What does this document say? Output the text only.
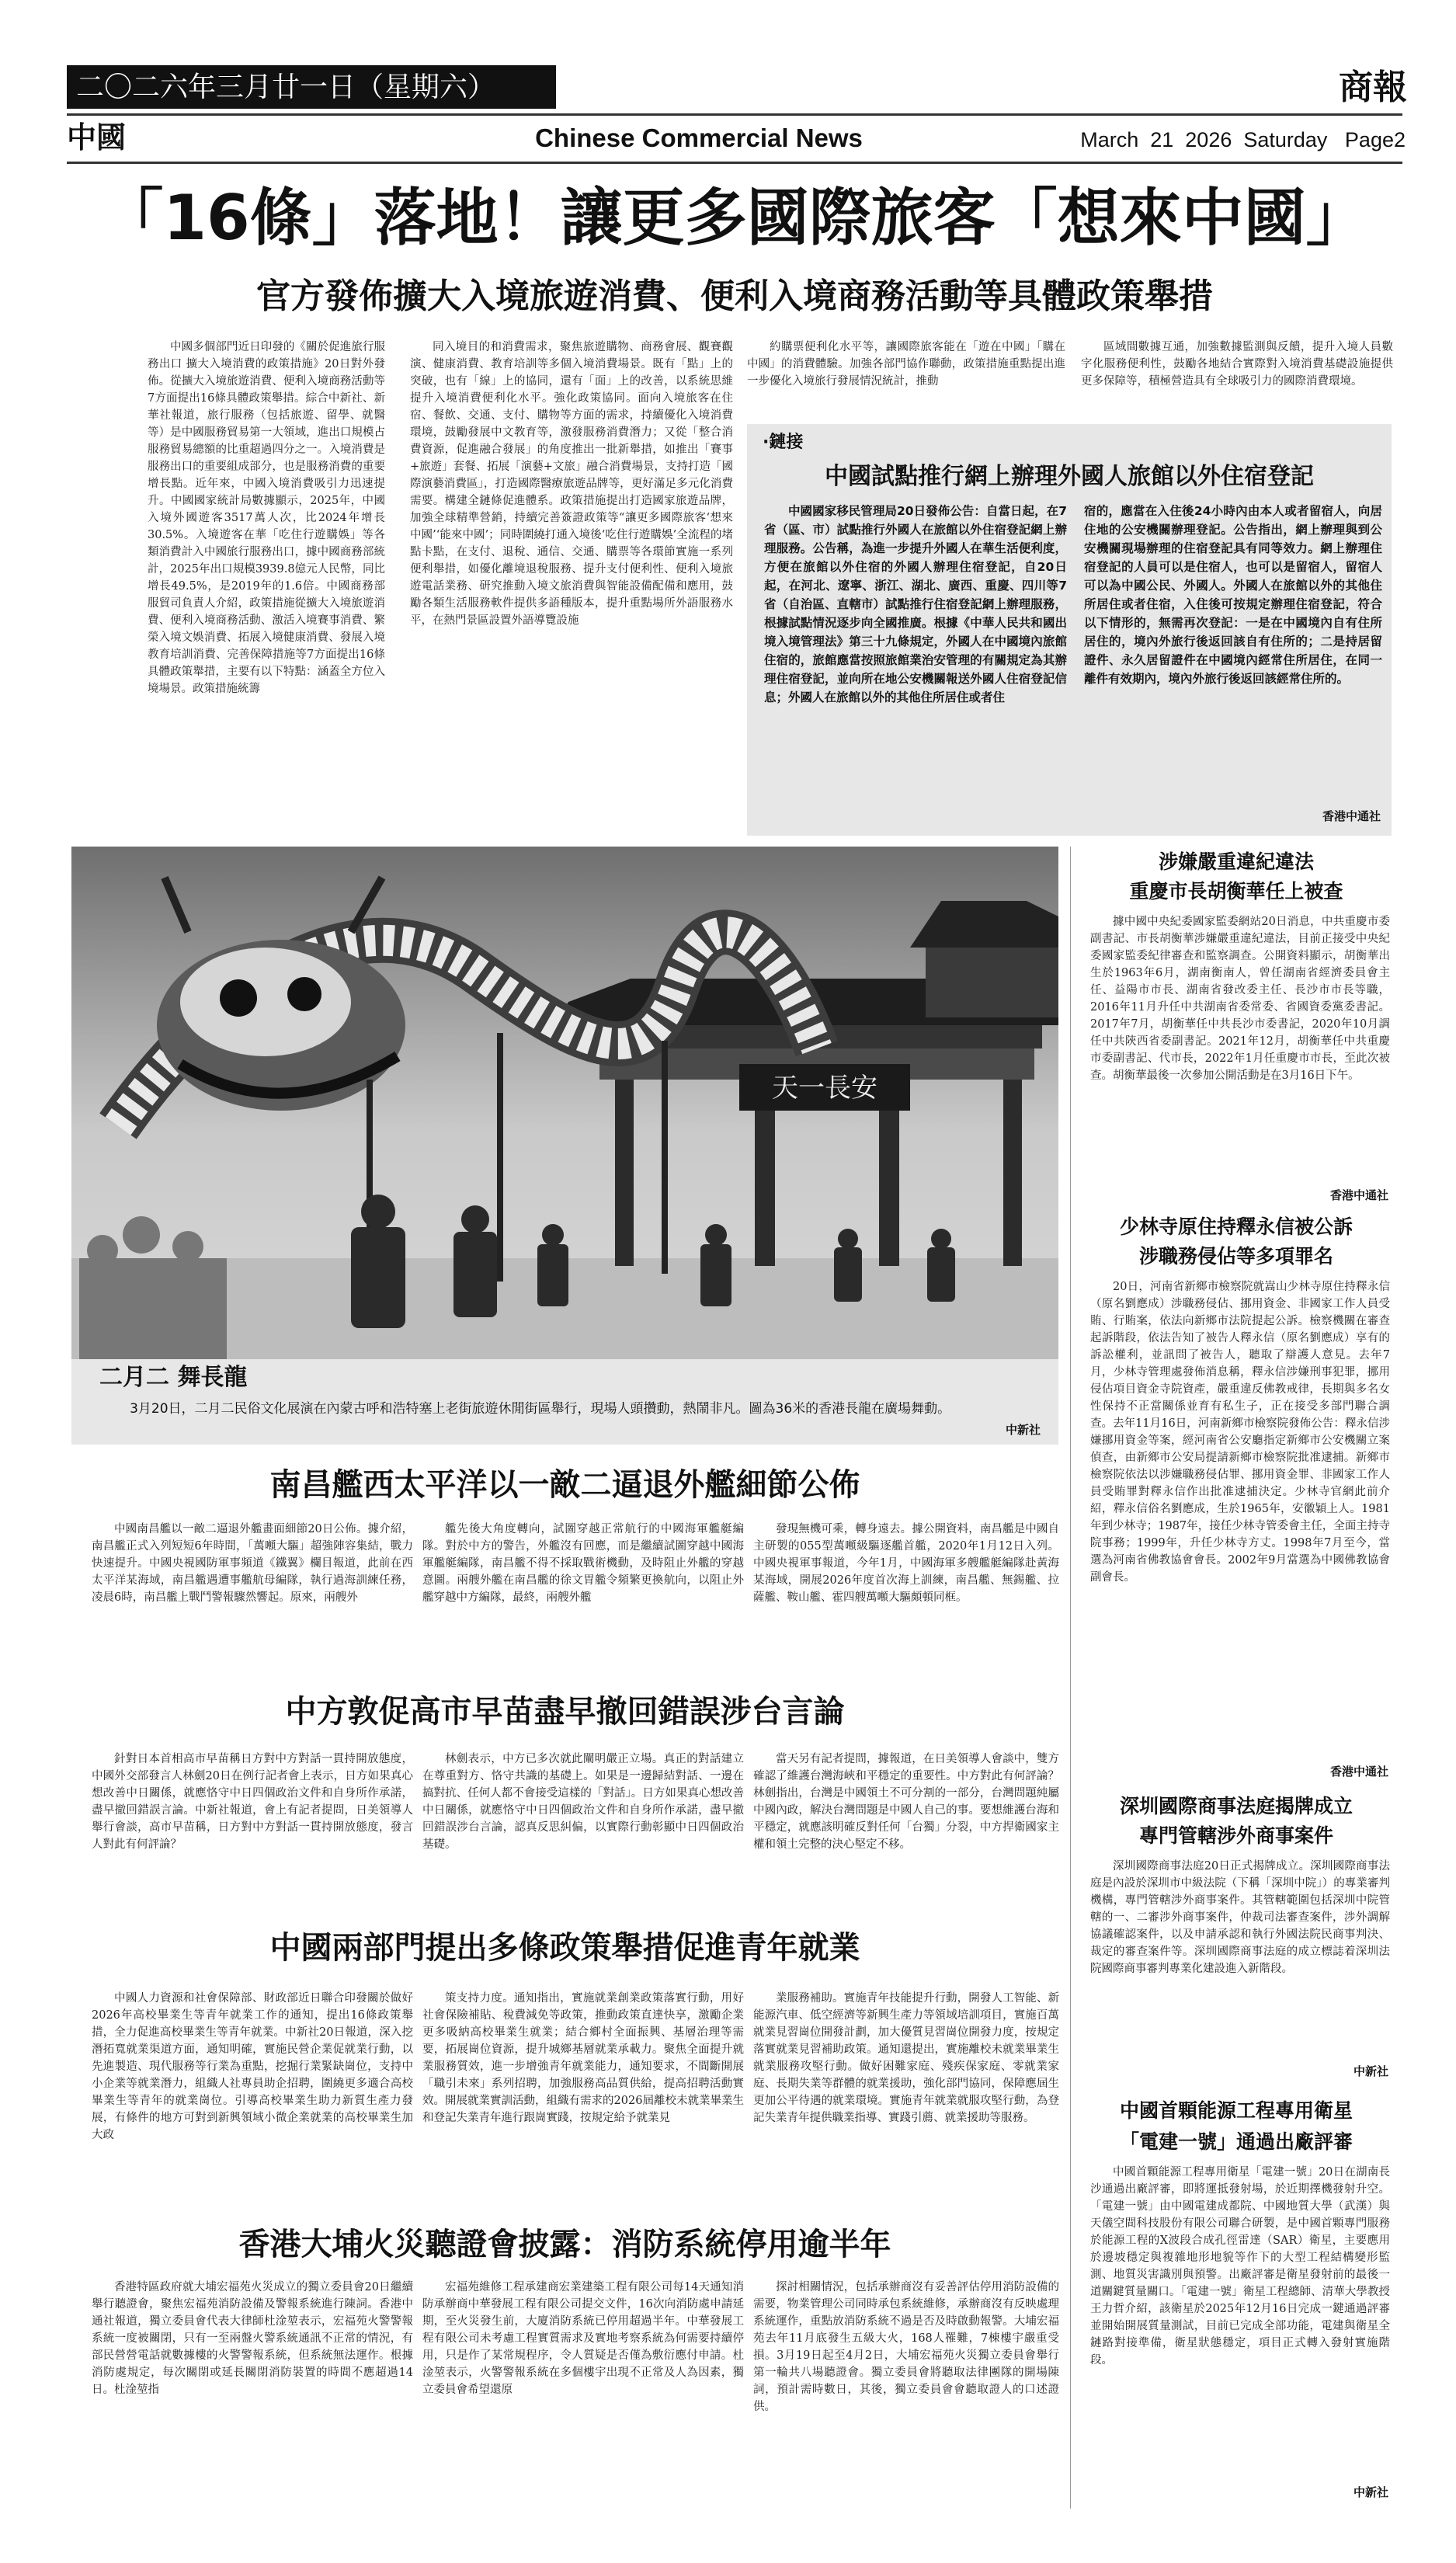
二〇二六年三月廿一日（星期六）	商報
中國	Chinese Commercial News	March  21  2026  Saturday   Page2
「16條」落地！讓更多國際旅客「想來中國」
官方發佈擴大入境旅遊消費、便利入境商務活動等具體政策舉措
中國多個部門近日印發的《關於促進旅行服務出口 擴大入境消費的政策措施》20日對外發佈。從擴大入境旅遊消費、便利入境商務活動等7方面提出16條具體政策舉措。綜合中新社、新華社報道，旅行服務（包括旅遊、留學、就醫等）是中國服務貿易第一大領域，進出口規模占服務貿易總額的比重超過四分之一。入境消費是服務出口的重要組成部分，也是服務消費的重要增長點。近年來，中國入境消費吸引力迅速提升。中國國家統計局數據顯示，2025年，中國入境外國遊客3517萬人次，比2024年增長30.5%。入境遊客在華「吃住行遊購娛」等各類消費計入中國旅行服務出口，據中國商務部統計，2025年出口規模3939.8億元人民幣，同比增長49.5%，是2019年的1.6倍。中國商務部服貿司負責人介紹，政策措施從擴大入境旅遊消費、便利入境商務活動、激活入境賽事消費、繁榮入境文娛消費、拓展入境健康消費、發展入境教育培訓消費、完善保障措施等7方面提出16條具體政策舉措，主要有以下特點：涵蓋全方位入境場景。政策措施統籌
同入境目的和消費需求，聚焦旅遊購物、商務會展、觀賽觀演、健康消費、教育培訓等多個入境消費場景。既有「點」上的突破，也有「線」上的協同，還有「面」上的改善，以系統思維提升入境消費便利化水平。強化政策協同。面向入境旅客在住宿、餐飲、交通、支付、購物等方面的需求，持續優化入境消費環境，鼓勵發展中文教育等，激發服務消費潛力；又從「整合消費資源，促進融合發展」的角度推出一批新舉措，如推出「賽事+旅遊」套餐、拓展「演藝+文旅」融合消費場景，支持打造「國際演藝消費區」，打造國際醫療旅遊品牌等，更好滿足多元化消費需要。構建全鏈條促進體系。政策措施提出打造國家旅遊品牌，加強全球精準營銷，持續完善簽證政策等“讓更多國際旅客‘想來中國’‘能來中國’；同時圍繞打通入境後‘吃住行遊購娛’全流程的堵點卡點，在支付、退稅、通信、交通、購票等各環節實施一系列便利舉措，如優化離境退稅服務、提升支付便利性、便利入境旅遊電話業務、研究推動入境文旅消費與智能設備配備和應用，鼓勵各類生活服務軟件提供多語種版本，提升重點場所外語服務水平，在熱門景區設置外語導覽設施
約購票便利化水平等，讓國際旅客能在「遊在中國」「購在中國」的消費體驗。加強各部門協作聯動，政策措施重點提出進一步優化入境旅行發展情況統計，推動
區域間數據互通，加強數據監測與反饋，提升入境人員數字化服務便利性，鼓勵各地結合實際對入境消費基礎設施提供更多保障等，積極營造具有全球吸引力的國際消費環境。
·鏈接
中國試點推行網上辦理外國人旅館以外住宿登記
中國國家移民管理局20日發佈公告：自當日起，在7省（區、市）試點推行外國人在旅館以外住宿登記網上辦理服務。公告稱，為進一步提升外國人在華生活便利度，方便在旅館以外住宿的外國人辦理住宿登記，自20日起，在河北、遼寧、浙江、湖北、廣西、重慶、四川等7省（自治區、直轄市）試點推行住宿登記網上辦理服務，根據試點情況逐步向全國推廣。根據《中華人民共和國出境入境管理法》第三十九條規定，外國人在中國境內旅館住宿的，旅館應當按照旅館業治安管理的有關規定為其辦理住宿登記，並向所在地公安機關報送外國人住宿登記信息；外國人在旅館以外的其他住所居住或者住
宿的，應當在入住後24小時內由本人或者留宿人，向居住地的公安機關辦理登記。公告指出，網上辦理與到公安機關現場辦理的住宿登記具有同等效力。網上辦理住宿登記的人員可以是住宿人，也可以是留宿人，留宿人可以為中國公民、外國人。外國人在旅館以外的其他住所居住或者住宿，入住後可按規定辦理住宿登記，符合以下情形的，無需再次登記：一是在中國境內自有住所居住的，境內外旅行後返回該自有住所的；二是持居留證件、永久居留證件在中國境內經常住所居住，在同一離件有效期內，境內外旅行後返回該經常住所的。
香港中通社
天一長安
二月二 舞長龍
3月20日，二月二民俗文化展演在內蒙古呼和浩特塞上老街旅遊休閒街區舉行，現場人頭攢動，熱鬧非凡。圖為36米的香港長龍在廣場舞動。
中新社
南昌艦西太平洋以一敵二逼退外艦細節公佈
中國南昌艦以一敵二逼退外艦畫面細節20日公佈。據介紹，南昌艦正式入列短短6年時間，「萬噸大驅」超強陣容集結，戰力快速提升。中國央視國防軍事頻道《鐵翼》欄目報道，此前在西太平洋某海域，南昌艦遇遭事艦航母編隊，執行過海訓練任務，凌晨6時，南昌艦上戰鬥警報驟然響起。原來，兩艘外
艦先後大角度轉向，試圖穿越正常航行的中國海軍艦艇編隊。對於中方的警告，外艦沒有回應，而是繼續試圖穿越中國海軍艦艇編隊，南昌艦不得不採取戰術機動，及時阻止外艦的穿越意圖。兩艘外艦在南昌艦的徐文胃艦令頻繁更換航向，以阻止外艦穿越中方編隊，最終，兩艘外艦
發現無機可乘，轉身遠去。據公開資料，南昌艦是中國自主研製的055型萬噸級驅逐艦首艦，2020年1月12日入列。中國央視軍事報道，今年1月，中國海軍多艘艦艇編隊赴黃海某海域，開展2026年度首次海上訓練，南昌艦、無錫艦、拉薩艦、鞍山艦、霍四艘萬噸大驅頗頓同框。
中方敦促高市早苗盡早撤回錯誤涉台言論
針對日本首相高市早苗稱日方對中方對話一貫持開放態度，中國外交部發言人林劍20日在例行記者會上表示，日方如果真心想改善中日關係，就應恪守中日四個政治文件和自身所作承諾，盡早撤回錯誤言論。中新社報道，會上有記者提問，日美領導人舉行會談，高市早苗稱，日方對中方對話一貫持開放態度，發言人對此有何評論？
林劍表示，中方已多次就此闡明嚴正立場。真正的對話建立在尊重對方、恪守共識的基礎上。如果是一邊歸結對話、一邊在搞對抗、任何人都不會接受這樣的「對話」。日方如果真心想改善中日關係，就應恪守中日四個政治文件和自身所作承諾，盡早撤回錯誤涉台言論，認真反思糾偏，以實際行動彰顯中日四個政治基礎。
當天另有記者提問，據報道，在日美領導人會談中，雙方確認了維護台灣海峽和平穩定的重要性。中方對此有何評論？林劍指出，台灣是中國領土不可分割的一部分，台灣問題純屬中國內政，解決台灣問題是中國人自己的事。要想維護台海和平穩定，就應該明確反對任何「台獨」分裂，中方捍衛國家主權和領土完整的決心堅定不移。
中國兩部門提出多條政策舉措促進青年就業
中國人力資源和社會保障部、財政部近日聯合印發關於做好2026年高校畢業生等青年就業工作的通知，提出16條政策舉措，全力促進高校畢業生等青年就業。中新社20日報道，深入挖潛拓寬就業渠道方面，通知明確，實施民營企業促就業行動，以先進製造、現代服務等行業為重點，挖掘行業緊缺崗位，支持中小企業等就業潛力，組織人社專員助企招聘，圍繞更多適合高校畢業生等青年的就業崗位。引導高校畢業生助力新質生產力發展，有條件的地方可對到新興領域小微企業就業的高校畢業生加大政
策支持力度。通知指出，實施就業創業政策落實行動，用好社會保險補貼、稅費減免等政策，推動政策直達快享，激勵企業更多吸納高校畢業生就業；結合鄉村全面振興、基層治理等需要，拓展崗位資源，提升城鄉基層就業承載力。聚焦全面提升就業服務質效，進一步增強青年就業能力，通知要求，不間斷開展「職引未來」系列招聘，加強服務高品質供給，提高招聘活動實效。開展就業實訓活動，組織有需求的2026屆離校未就業畢業生和登記失業青年進行跟崗實踐，按規定給予就業見
業服務補助。實施青年技能提升行動，開發人工智能、新能源汽車、低空經濟等新興生產力等領域培訓項目，實施百萬就業見習崗位開發計劃，加大優質見習崗位開發力度，按規定落實就業見習補助政策。通知還提出，實施離校未就業畢業生就業服務攻堅行動。做好困難家庭、殘疾保家庭、零就業家庭、長期失業等群體的就業援助，強化部門協同，保障應屆生更加公平待遇的就業環境。實施青年就業就服攻堅行動，為登記失業青年提供職業指導、實踐引薦、就業援助等服務。
香港大埔火災聽證會披露：消防系統停用逾半年
香港特區政府就大埔宏福苑火災成立的獨立委員會20日繼續舉行聽證會，聚焦宏福苑消防設備及警報系統進行陳詞。香港中通社報道，獨立委員會代表大律師杜淦堃表示，宏福苑火警警報系統一度被關閉，只有一至兩盤火警系統通訊不正常的情況，有部民營營電話就數據樓的火警警報系統，但系統無法運作。根據消防處規定，每次關閉或延長關閉消防裝置的時間不應超過14日。杜淦堃指
宏福苑維修工程承建商宏業建築工程有限公司每14天通知消防承辦商中華發展工程有限公司提交文件，16次向消防處申請延期，至火災發生前，大廈消防系統已停用超過半年。中華發展工程有限公司未考慮工程實質需求及實地考察系統為何需要持續停用，只是作了某常規程序，令人質疑是否僅為敷衍應付申請。杜淦堃表示，火警警報系統在多個樓宇出現不正常及人為因素，獨立委員會希望還原
探討相關情況，包括承辦商沒有妥善評估停用消防設備的需要，物業管理公司同時承包系統維修，承辦商沒有反映處理系統運作，重點放消防系統不過是否及時啟動報警。大埔宏福苑去年11月底發生五級大火，168人罹難，7棟樓宇嚴重受損。3月19日起至4月2日，大埔宏福苑火災獨立委員會舉行第一輪共八場聽證會。獨立委員會將聽取法律團隊的開場陳詞，預計需時數日，其後，獨立委員會會聽取證人的口述證供。
涉嫌嚴重違紀違法
重慶市長胡衡華任上被查
據中國中央紀委國家監委網站20日消息，中共重慶市委副書記、市長胡衡華涉嫌嚴重違紀違法，目前正接受中央紀委國家監委紀律審查和監察調查。公開資料顯示，胡衡華出生於1963年6月，湖南衡南人，曾任湖南省經濟委員會主任、益陽市市長、湖南省發改委主任、長沙市市長等職，2016年11月升任中共湖南省委常委、省國資委黨委書記。2017年7月，胡衡華任中共長沙市委書記，2020年10月調任中共陝西省委副書記。2021年12月，胡衡華任中共重慶市委副書記、代市長，2022年1月任重慶市市長，至此次被查。胡衡華最後一次參加公開活動是在3月16日下午。
香港中通社
少林寺原住持釋永信被公訴
涉職務侵佔等多項罪名
20日，河南省新鄉市檢察院就嵩山少林寺原住持釋永信（原名劉應成）涉職務侵佔、挪用資金、非國家工作人員受賄、行賄案，依法向新鄉市法院提起公訴。檢察機關在審查起訴階段，依法告知了被告人釋永信（原名劉應成）享有的訴訟權利，並訊問了被告人，聽取了辯護人意見。去年7月，少林寺管理處發佈消息稱，釋永信涉嫌刑事犯罪，挪用侵佔項目資金寺院資產，嚴重違反佛教戒律，長期與多名女性保持不正當關係並育有私生子，正在接受多部門聯合調查。去年11月16日，河南新鄉市檢察院發佈公告：釋永信涉嫌挪用資金等案，經河南省公安廳指定新鄉市公安機關立案偵查，由新鄉市公安局提請新鄉市檢察院批准逮捕。新鄉市檢察院依法以涉嫌職務侵佔罪、挪用資金罪、非國家工作人員受賄罪對釋永信作出批准逮捕決定。少林寺官網此前介紹，釋永信俗名劉應成，生於1965年，安徽穎上人。1981年到少林寺；1987年，接任少林寺管委會主任，全面主持寺院事務；1999年，升任少林寺方丈。1998年7月至今，當選為河南省佛教協會會長。2002年9月當選為中國佛教協會副會長。
香港中通社
深圳國際商事法庭揭牌成立
專門管轄涉外商事案件
深圳國際商事法庭20日正式揭牌成立。深圳國際商事法庭是內設於深圳市中級法院（下稱「深圳中院」）的專業審判機構，專門管轄涉外商事案件。其管轄範圍包括深圳中院管轄的一、二審涉外商事案件，仲裁司法審查案件，涉外調解協議確認案件，以及申請承認和執行外國法院民商事判決、裁定的審查案件等。深圳國際商事法庭的成立標誌着深圳法院國際商事審判專業化建設進入新階段。
中新社
中國首顆能源工程專用衛星
「電建一號」通過出廠評審
中國首顆能源工程專用衛星「電建一號」20日在湖南長沙通過出廠評審，即將運抵發射場，於近期擇機發射升空。「電建一號」由中國電建成都院、中國地質大學（武漢）與天儀空間科技股份有限公司聯合研製，是中國首顆專門服務於能源工程的X波段合成孔徑雷達（SAR）衛星，主要應用於邊坡穩定與複雜地形地貌等作下的大型工程結構變形監測、地質災害識別與預警。出廠評審是衛星發射前的最後一道關鍵質量關口。「電建一號」衛星工程總師、清華大學教授王力哲介紹，該衛星於2025年12月16日完成一鍵通過評審並開始開展質量測試，目前已完成全部功能，電建與衛星全鏈路對接準備，衛星狀態穩定，項目正式轉入發射實施階段。
中新社
